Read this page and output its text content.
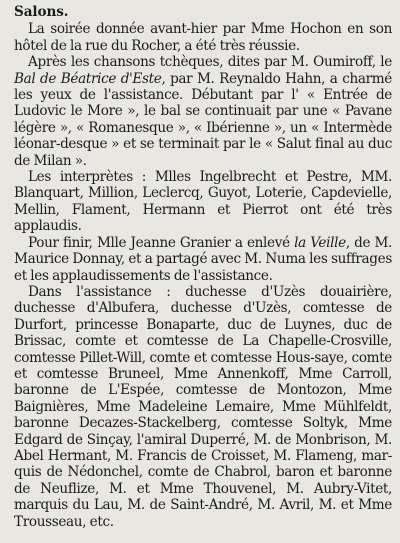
Salons.

La soirée donnée avant-hier par Mme Hochon en son hôtel de la rue du Rocher, a été très réussie.

Après les chansons tchèques, dites par M. Oumiroff, le Bal de Béatrice d'Este, par M. Reynaldo Hahn, a charmé les yeux de l'assistance. Débutant par l' « Entrée de Ludovic le More », le bal se continuait par une « Pavane légère », « Romanesque », « Ibérienne », un « Intermède léonar-desque » et se terminait par le « Salut final au duc de Milan ».

Les interprètes : Mlles Ingelbrecht et Pestre, MM. Blanquart, Million, Leclercq, Guyot, Loterie, Capdevielle, Mellin, Flament, Hermann et Pierrot ont été très applaudis.

Pour finir, Mlle Jeanne Granier a enlevé la Veille, de M. Maurice Donnay, et a partagé avec M. Numa les suffrages et les applaudissements de l'assistance.

Dans l'assistance : duchesse d'Uzès douairière, duchesse d'Albufera, duchesse d'Uzès, comtesse de Durfort, princesse Bonaparte, duc de Luynes, duc de Brissac, comte et comtesse de La Chapelle-Crosville, comtesse Pillet-Will, comte et comtesse Hous-saye, comte et comtesse Bruneel, Mme Annenkoff, Mme Carroll, baronne de L'Espée, comtesse de Montozon, Mme Baignières, Mme Madeleine Lemaire, Mme Mühlfeldt, baronne Decazes-Stackelberg, comtesse Soltyk, Mme Edgard de Sinçay, l'amiral Duperré, M. de Monbrison, M. Abel Hermant, M. Francis de Croisset, M. Flameng, mar-quis de Nédonchel, comte de Chabrol, baron et baronne de Neuflize, M. et Mme Thouvenel, M. Aubry-Vitet, marquis du Lau, M. de Saint-André, M. Avril, M. et Mme Trousseau, etc.
